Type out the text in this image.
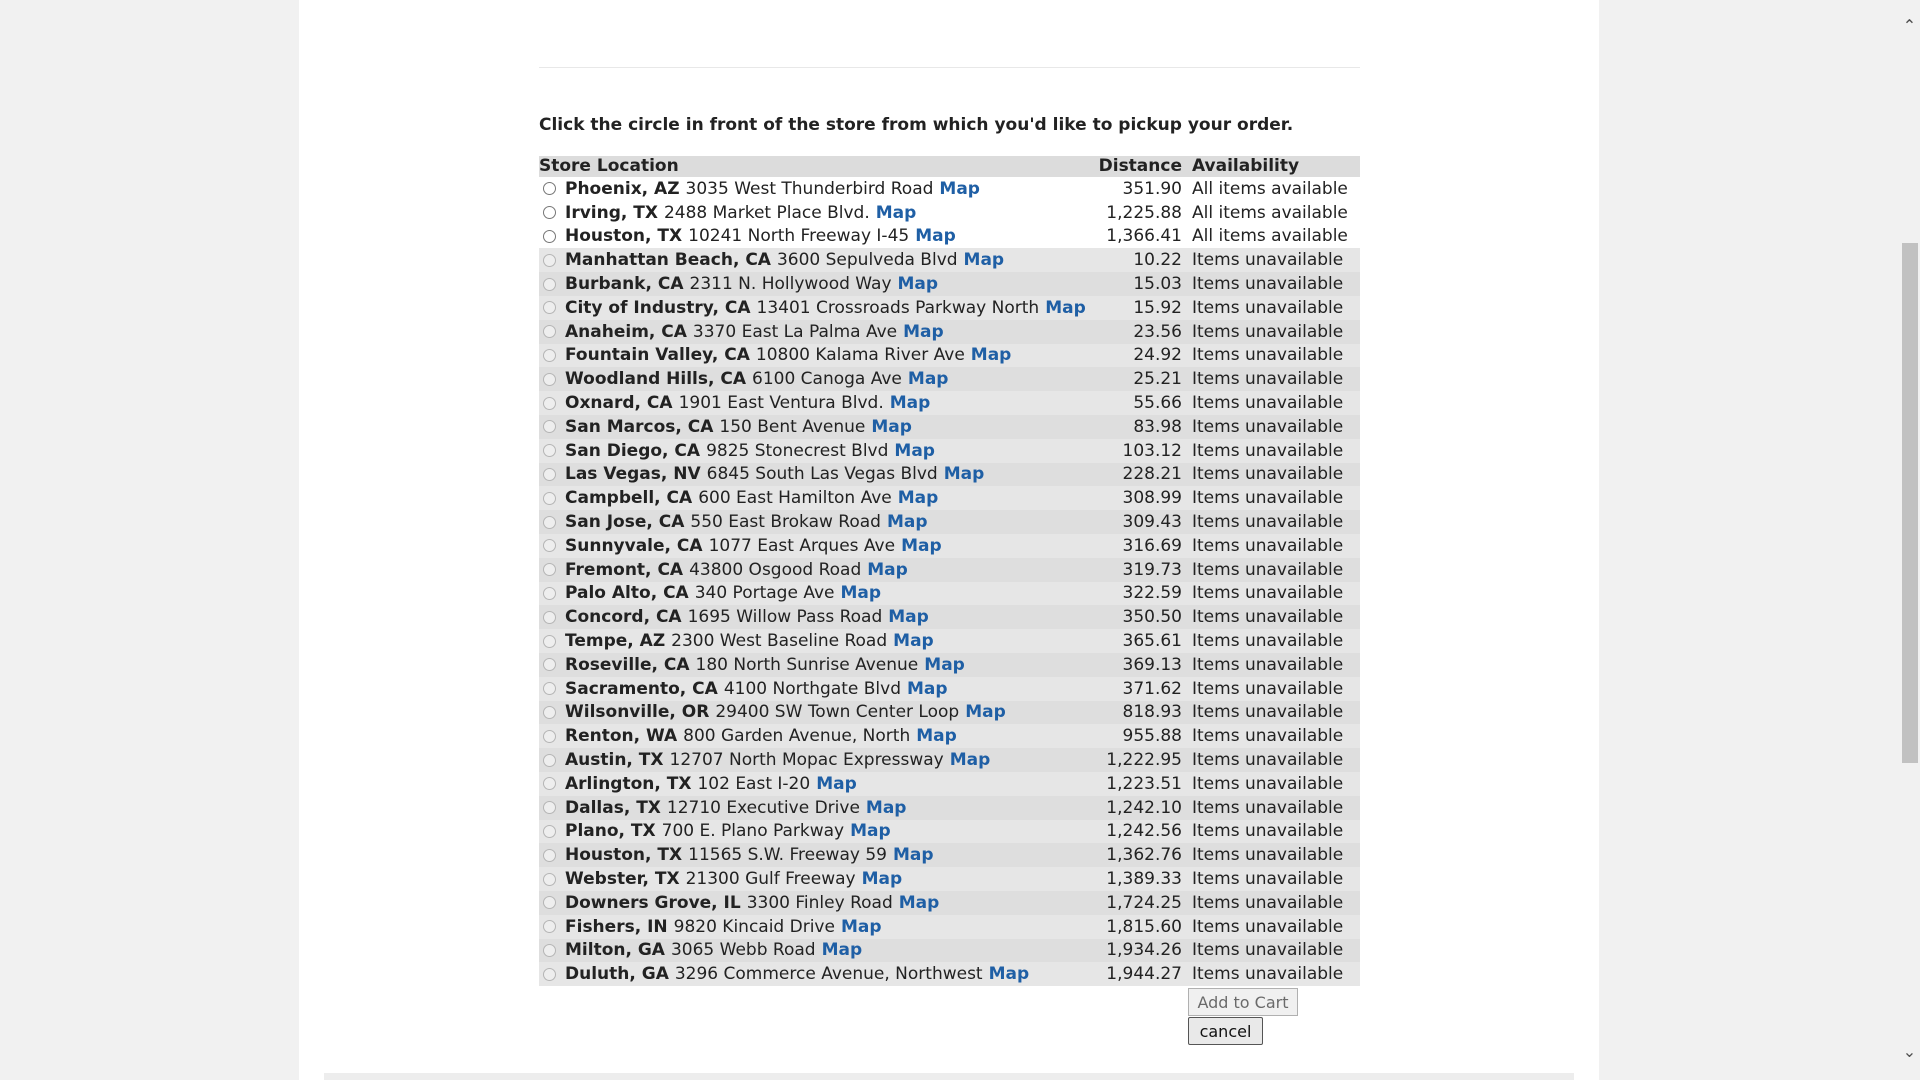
Click the circle in front of the store from which you'd like to pickup your order.
Store Location	Distance		Availability

Phoenix, AZ 3035 West Thunderbird Road Map	351.90		All items available

Irving, TX 2488 Market Place Blvd. Map	1,225.88		All items available

Houston, TX 10241 North Freeway I-45 Map	1,366.41		All items available

Manhattan Beach, CA 3600 Sepulveda Blvd Map	10.22		Items unavailable

Burbank, CA 2311 N. Hollywood Way Map	15.03		Items unavailable

City of Industry, CA 13401 Crossroads Parkway North Map	15.92		Items unavailable

Anaheim, CA 3370 East La Palma Ave Map	23.56		Items unavailable

Fountain Valley, CA 10800 Kalama River Ave Map	24.92		Items unavailable

Woodland Hills, CA 6100 Canoga Ave Map	25.21		Items unavailable

Oxnard, CA 1901 East Ventura Blvd. Map	55.66		Items unavailable

San Marcos, CA 150 Bent Avenue Map	83.98		Items unavailable

San Diego, CA 9825 Stonecrest Blvd Map	103.12		Items unavailable

Las Vegas, NV 6845 South Las Vegas Blvd Map	228.21		Items unavailable

Campbell, CA 600 East Hamilton Ave Map	308.99		Items unavailable

San Jose, CA 550 East Brokaw Road Map	309.43		Items unavailable

Sunnyvale, CA 1077 East Arques Ave Map	316.69		Items unavailable

Fremont, CA 43800 Osgood Road Map	319.73		Items unavailable

Palo Alto, CA 340 Portage Ave Map	322.59		Items unavailable

Concord, CA 1695 Willow Pass Road Map	350.50		Items unavailable

Tempe, AZ 2300 West Baseline Road Map	365.61		Items unavailable

Roseville, CA 180 North Sunrise Avenue Map	369.13		Items unavailable

Sacramento, CA 4100 Northgate Blvd Map	371.62		Items unavailable

Wilsonville, OR 29400 SW Town Center Loop Map	818.93		Items unavailable

Renton, WA 800 Garden Avenue, North Map	955.88		Items unavailable

Austin, TX 12707 North Mopac Expressway Map	1,222.95		Items unavailable

Arlington, TX 102 East I-20 Map	1,223.51		Items unavailable

Dallas, TX 12710 Executive Drive Map	1,242.10		Items unavailable

Plano, TX 700 E. Plano Parkway Map	1,242.56		Items unavailable

Houston, TX 11565 S.W. Freeway 59 Map	1,362.76		Items unavailable

Webster, TX 21300 Gulf Freeway Map	1,389.33		Items unavailable

Downers Grove, IL 3300 Finley Road Map	1,724.25		Items unavailable

Fishers, IN 9820 Kincaid Drive Map	1,815.60		Items unavailable

Milton, GA 3065 Webb Road Map	1,934.26		Items unavailable

Duluth, GA 3296 Commerce Avenue, Northwest Map	1,944.27		Items unavailable
Add to Cart
cancel
⌃
⌄
